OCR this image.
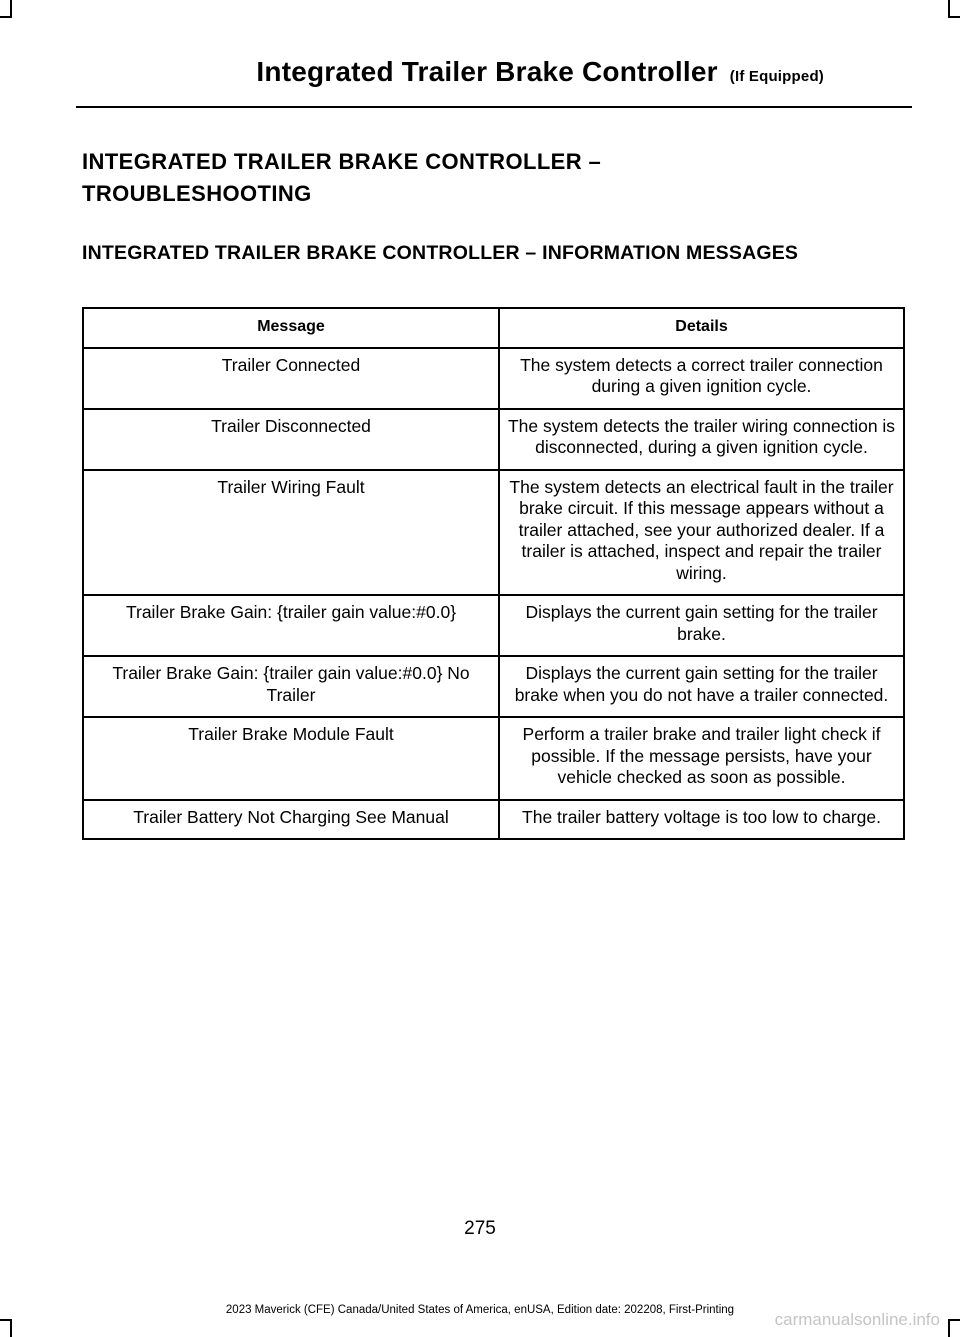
Integrated Trailer Brake Controller (If Equipped)
INTEGRATED TRAILER BRAKE CONTROLLER –
TROUBLESHOOTING
INTEGRATED TRAILER BRAKE CONTROLLER – INFORMATION MESSAGES
Message	Details
Trailer Connected	The system detects a correct trailer connection during a given ignition cycle.
Trailer Disconnected	The system detects the trailer wiring connection is disconnected, during a given ignition cycle.
Trailer Wiring Fault	The system detects an electrical fault in the trailer brake circuit. If this message appears without a trailer attached, see your authorized dealer. If a trailer is attached, inspect and repair the trailer wiring.
Trailer Brake Gain: {trailer gain value:#0.0}	Displays the current gain setting for the trailer brake.
Trailer Brake Gain: {trailer gain value:#0.0} No Trailer	Displays the current gain setting for the trailer brake when you do not have a trailer connected.
Trailer Brake Module Fault	Perform a trailer brake and trailer light check if possible. If the message persists, have your vehicle checked as soon as possible.
Trailer Battery Not Charging See Manual	The trailer battery voltage is too low to charge.
275
2023 Maverick (CFE) Canada/United States of America, enUSA, Edition date: 202208, First-Printing	carmanualsonline.info
